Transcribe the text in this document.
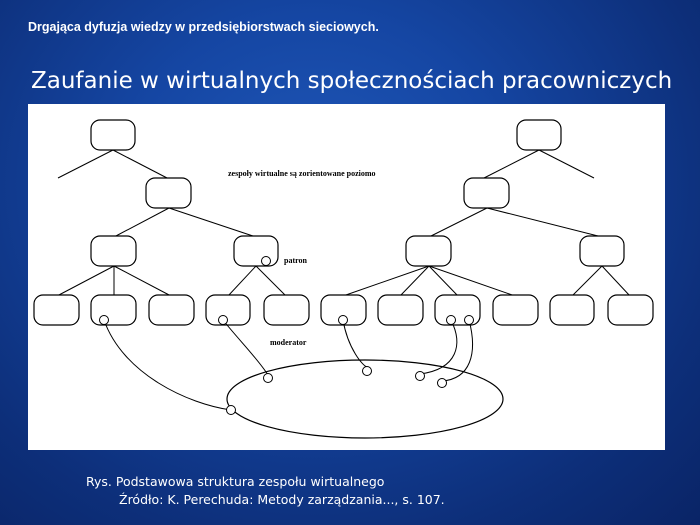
Drgająca dyfuzja wiedzy w przedsiębiorstwach sieciowych.
Zaufanie w wirtualnych społecznościach pracowniczych
zespoły wirtualne są zorientowane poziomo
patron
moderator
Rys. Podstawowa struktura zespołu wirtualnego
Źródło: K. Perechuda: Metody zarządzania..., s. 107.
